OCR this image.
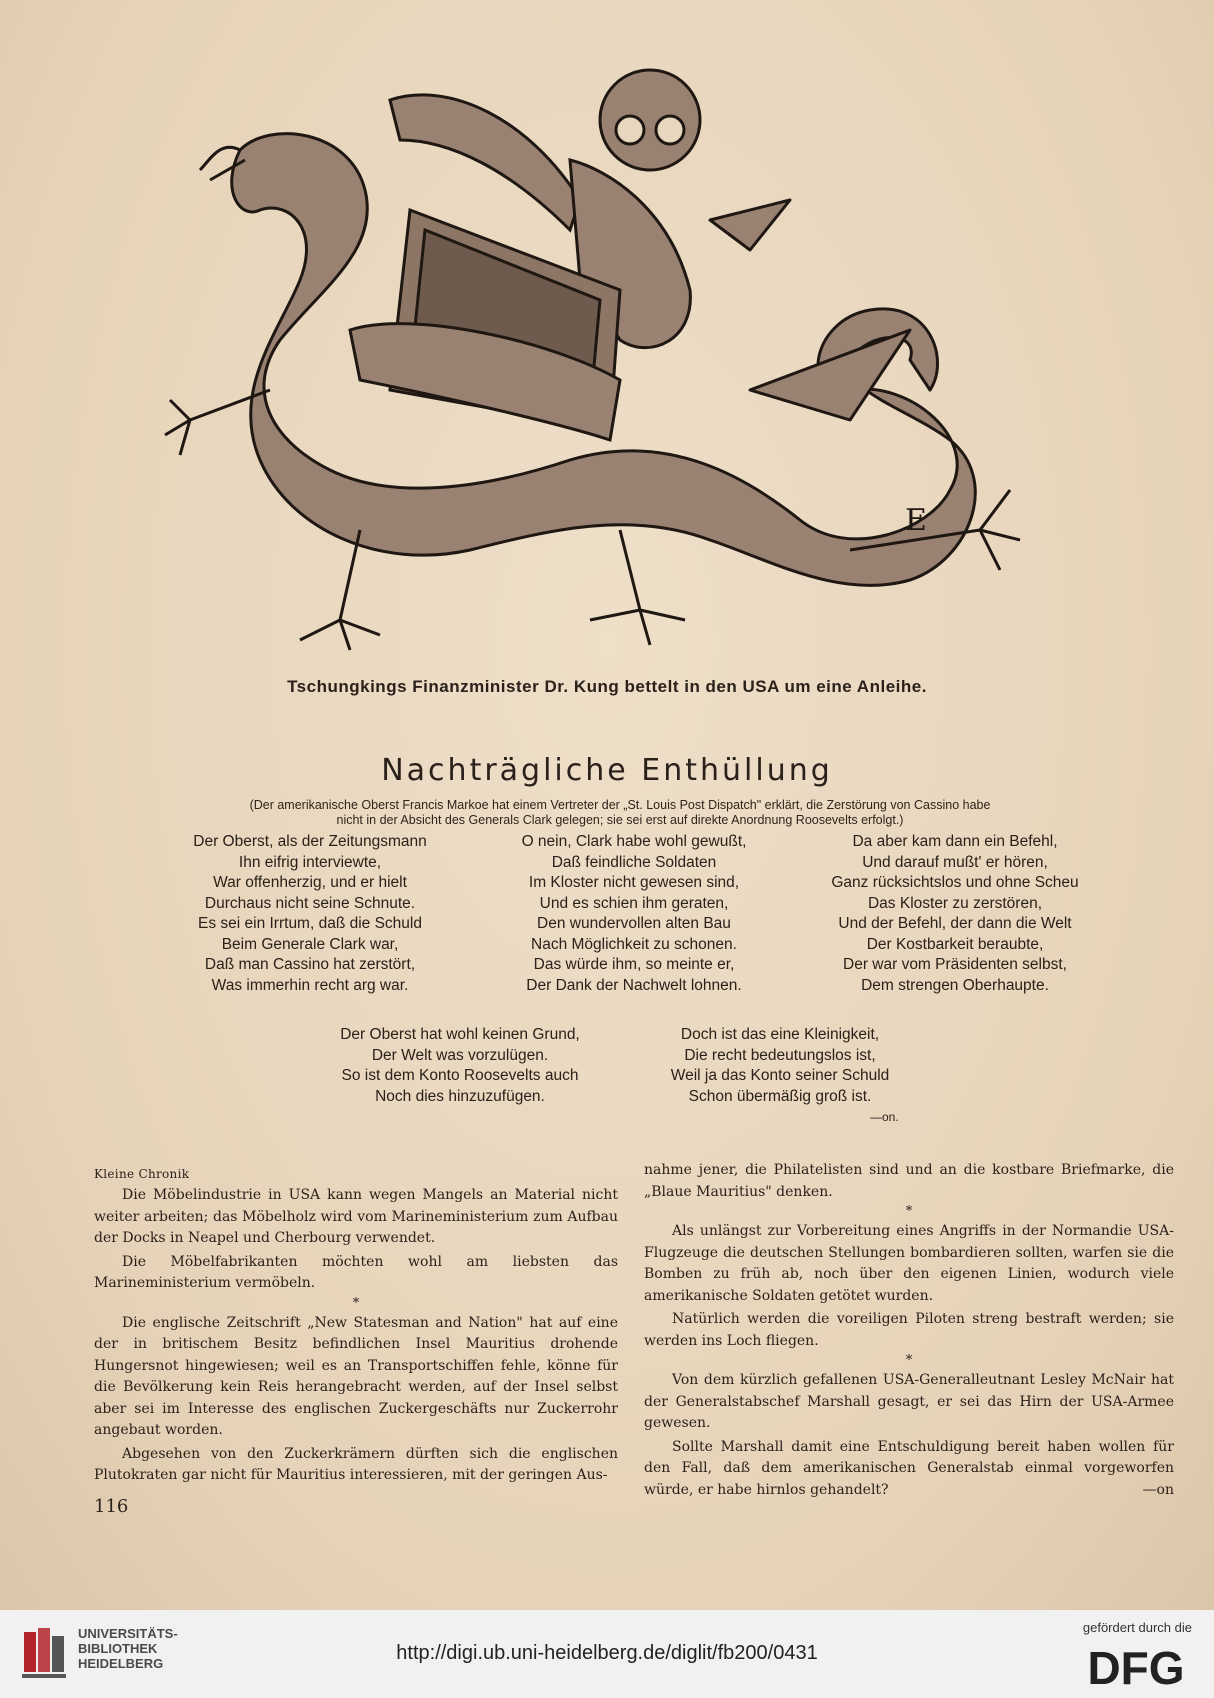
E
Tschungkings Finanzminister Dr. Kung bettelt in den USA um eine Anleihe.
Nachträgliche Enthüllung
(Der amerikanische Oberst Francis Markoe hat einem Vertreter der „St. Louis Post Dispatch" erklärt, die Zerstörung von Cassino habe
nicht in der Absicht des Generals Clark gelegen; sie sei erst auf direkte Anordnung Roosevelts erfolgt.)
Der Oberst, als der Zeitungsmann
Ihn eifrig interviewte,
War offenherzig, und er hielt
Durchaus nicht seine Schnute.
Es sei ein Irrtum, daß die Schuld
Beim Generale Clark war,
Daß man Cassino hat zerstört,
Was immerhin recht arg war.
O nein, Clark habe wohl gewußt,
Daß feindliche Soldaten
Im Kloster nicht gewesen sind,
Und es schien ihm geraten,
Den wundervollen alten Bau
Nach Möglichkeit zu schonen.
Das würde ihm, so meinte er,
Der Dank der Nachwelt lohnen.
Da aber kam dann ein Befehl,
Und darauf mußt' er hören,
Ganz rücksichtslos und ohne Scheu
Das Kloster zu zerstören,
Und der Befehl, der dann die Welt
Der Kostbarkeit beraubte,
Der war vom Präsidenten selbst,
Dem strengen Oberhaupte.
Der Oberst hat wohl keinen Grund,
Der Welt was vorzulügen.
So ist dem Konto Roosevelts auch
Noch dies hinzuzufügen.
Doch ist das eine Kleinigkeit,
Die recht bedeutungslos ist,
Weil ja das Konto seiner Schuld
Schon übermäßig groß ist.
—on.

Kleine Chronik

Die Möbelindustrie in USA kann wegen Mangels an Material nicht weiter arbeiten; das Möbelholz wird vom Marineministerium zum Aufbau der Docks in Neapel und Cherbourg verwendet.

Die Möbelfabrikanten möchten wohl am liebsten das Marineministerium vermöbeln.

*

Die englische Zeitschrift „New Statesman and Nation" hat auf eine der in britischem Besitz befindlichen Insel Mauritius drohende Hungersnot hingewiesen; weil es an Transportschiffen fehle, könne für die Bevölkerung kein Reis herangebracht werden, auf der Insel selbst aber sei im Interesse des englischen Zuckergeschäfts nur Zuckerrohr angebaut worden.

Abgesehen von den Zuckerkrämern dürften sich die englischen Plutokraten gar nicht für Mauritius interessieren, mit der geringen Aus-

nahme jener, die Philatelisten sind und an die kostbare Briefmarke, die „Blaue Mauritius" denken.

*

Als unlängst zur Vorbereitung eines Angriffs in der Normandie USA-Flugzeuge die deutschen Stellungen bombardieren sollten, warfen sie die Bomben zu früh ab, noch über den eigenen Linien, wodurch viele amerikanische Soldaten getötet wurden.

Natürlich werden die voreiligen Piloten streng bestraft werden; sie werden ins Loch fliegen.

*

Von dem kürzlich gefallenen USA-Generalleutnant Lesley McNair hat der Generalstabschef Marshall gesagt, er sei das Hirn der USA-Armee gewesen.

Sollte Marshall damit eine Entschuldigung bereit haben wollen für den Fall, daß dem amerikanischen Generalstab einmal vorgeworfen würde, er habe hirnlos gehandelt?	—on

116
UNIVERSITÄTS-
BIBLIOTHEK
HEIDELBERG	http://digi.ub.uni-heidelberg.de/diglit/fb200/0431
gefördert durch die
DFG
